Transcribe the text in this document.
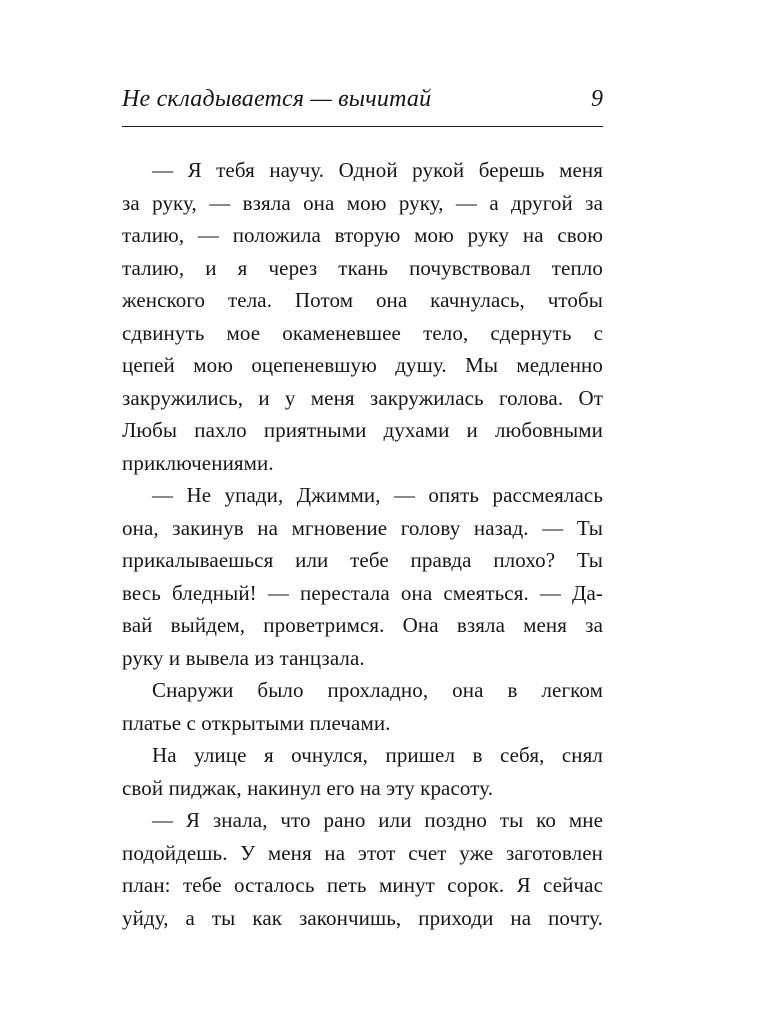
Не складывается — вычитай	9
— Я тебя научу. Одной рукой берешь меня
за руку, — взяла она мою руку, — а другой за
талию, — положила вторую мою руку на свою
талию, и я через ткань почувствовал тепло
женского тела. Потом она качнулась, чтобы
сдвинуть мое окаменевшее тело, сдернуть с
цепей мою оцепеневшую душу. Мы медленно
закружились, и у меня закружилась голова. От
Любы пахло приятными духами и любовными
приключениями.
— Не упади, Джимми, — опять рассмеялась
она, закинув на мгновение голову назад. — Ты
прикалываешься или тебе правда плохо? Ты
весь бледный! — перестала она смеяться. — Да-
вай выйдем, проветримся. Она взяла меня за
руку и вывела из танцзала.
Снаружи было прохладно, она в легком
платье с открытыми плечами.
На улице я очнулся, пришел в себя, снял
свой пиджак, накинул его на эту красоту.
— Я знала, что рано или поздно ты ко мне
подойдешь. У меня на этот счет уже заготовлен
план: тебе осталось петь минут сорок. Я сейчас
уйду, а ты как закончишь, приходи на почту.
